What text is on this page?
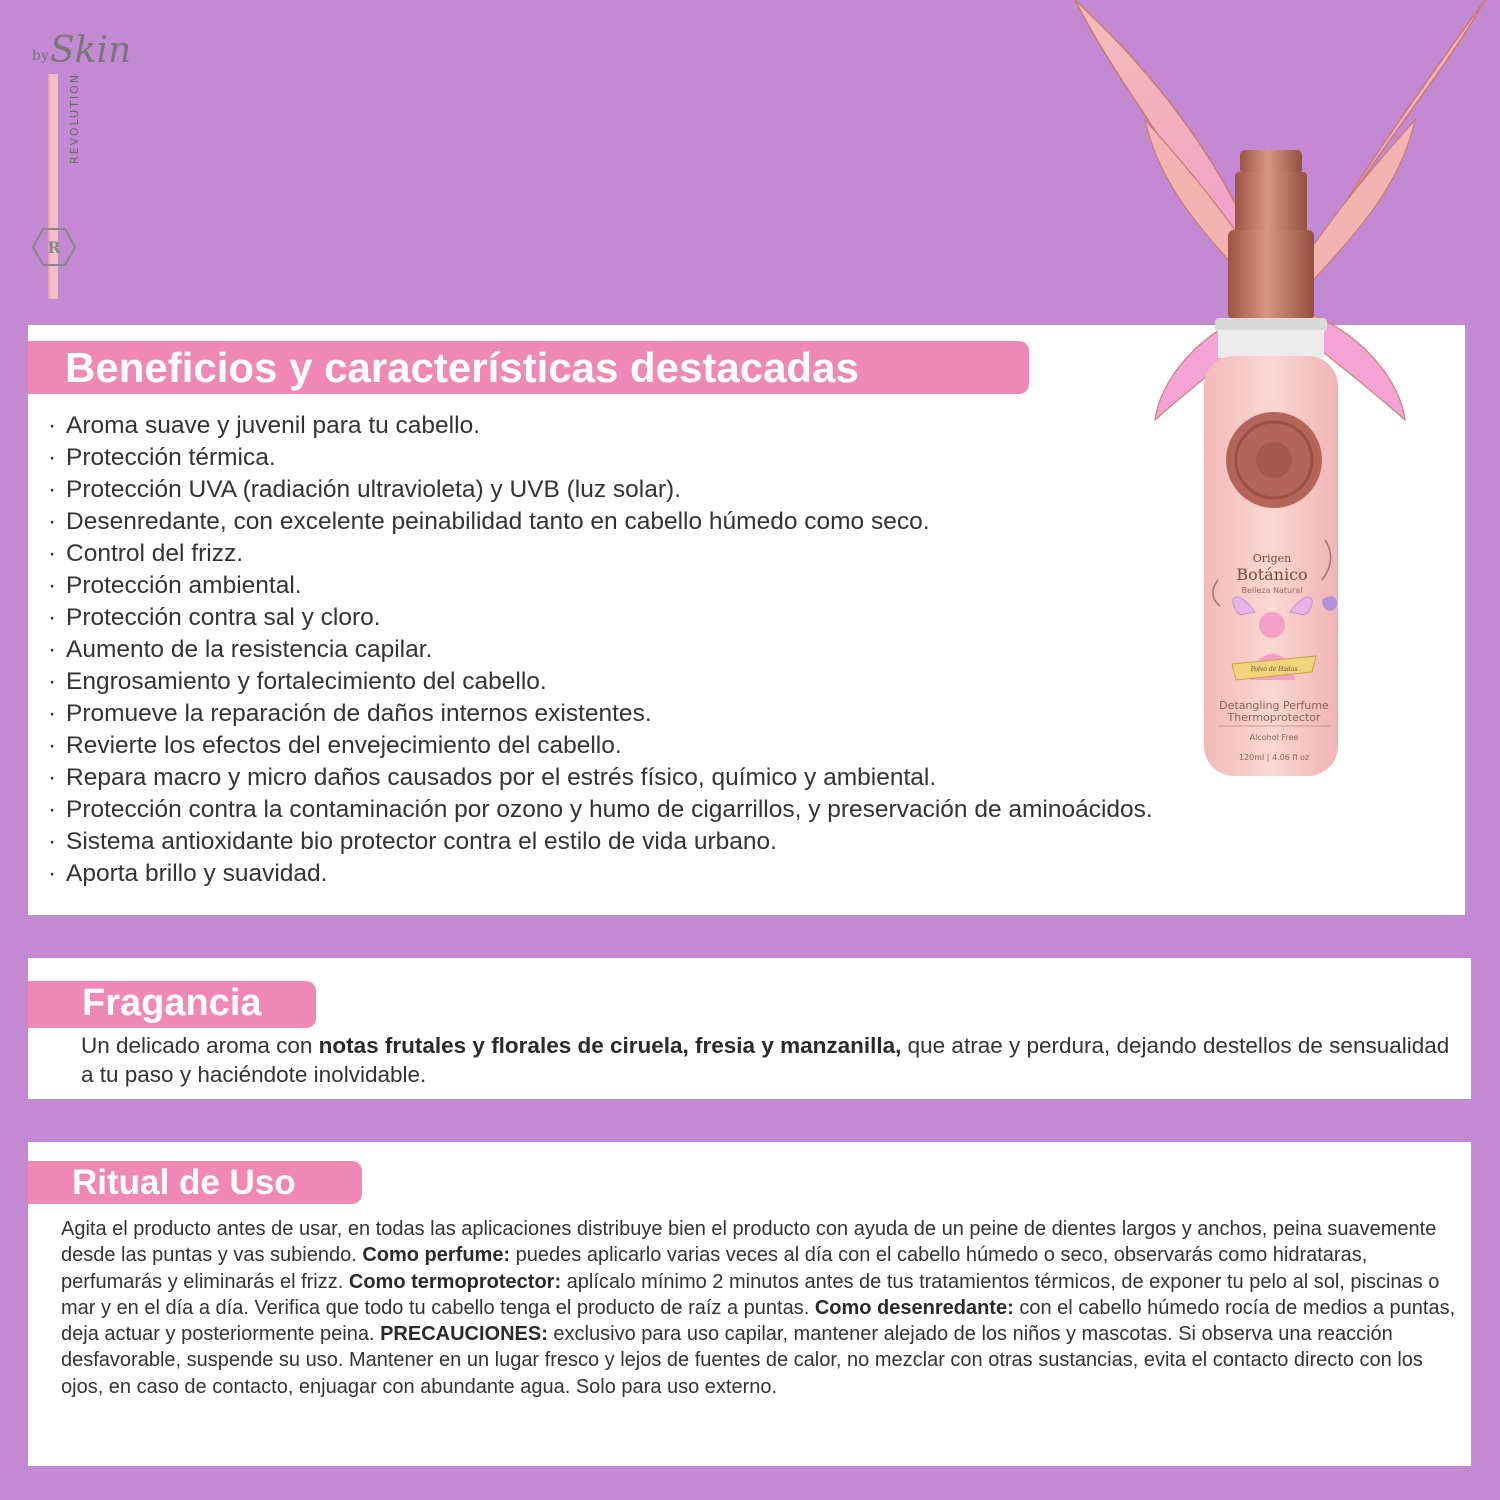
by Skin
REVOLUTION
R
Beneficios y características destacadas
· Aroma suave y juvenil para tu cabello.
· Protección térmica.
· Protección UVA (radiación ultravioleta) y UVB (luz solar).
· Desenredante, con excelente peinabilidad tanto en cabello húmedo como seco.
· Control del frizz.
· Protección ambiental.
· Protección contra sal y cloro.
· Aumento de la resistencia capilar.
· Engrosamiento y fortalecimiento del cabello.
· Promueve la reparación de daños internos existentes.
· Revierte los efectos del envejecimiento del cabello.
· Repara macro y micro daños causados por el estrés físico, químico y ambiental.
· Protección contra la contaminación por ozono y humo de cigarrillos, y preservación de aminoácidos.
· Sistema antioxidante bio protector contra el estilo de vida urbano.
· Aporta brillo y suavidad.
Fragancia

Un delicado aroma con notas frutales y florales de ciruela, fresia y manzanilla, que atrae y perdura, dejando destellos de sensualidad a tu paso y haciéndote inolvidable.

Ritual de Uso

Agita el producto antes de usar, en todas las aplicaciones distribuye bien el producto con ayuda de un peine de dientes largos y anchos, peina suavemente desde las puntas y vas subiendo. Como perfume: puedes aplicarlo varias veces al día con el cabello húmedo o seco, observarás como hidrataras, perfumarás y eliminarás el frizz. Como termoprotector: aplícalo mínimo 2 minutos antes de tus tratamientos térmicos, de exponer tu pelo al sol, piscinas o mar y en el día a día. Verifica que todo tu cabello tenga el producto de raíz a puntas. Como desenredante: con el cabello húmedo rocía de medios a puntas, deja actuar y posteriormente peina. PRECAUCIONES: exclusivo para uso capilar, mantener alejado de los niños y mascotas. Si observa una reacción desfavorable, suspende su uso. Mantener en un lugar fresco y lejos de fuentes de calor, no mezclar con otras sustancias, evita el contacto directo con los ojos, en caso de contacto, enjuagar con abundante agua. Solo para uso externo.

Origen
Botánico
Belleza Natural
Polvo de Hadas
Detangling Perfume
Thermoprotector
Alcohol Free
120ml | 4.06 fl oz
